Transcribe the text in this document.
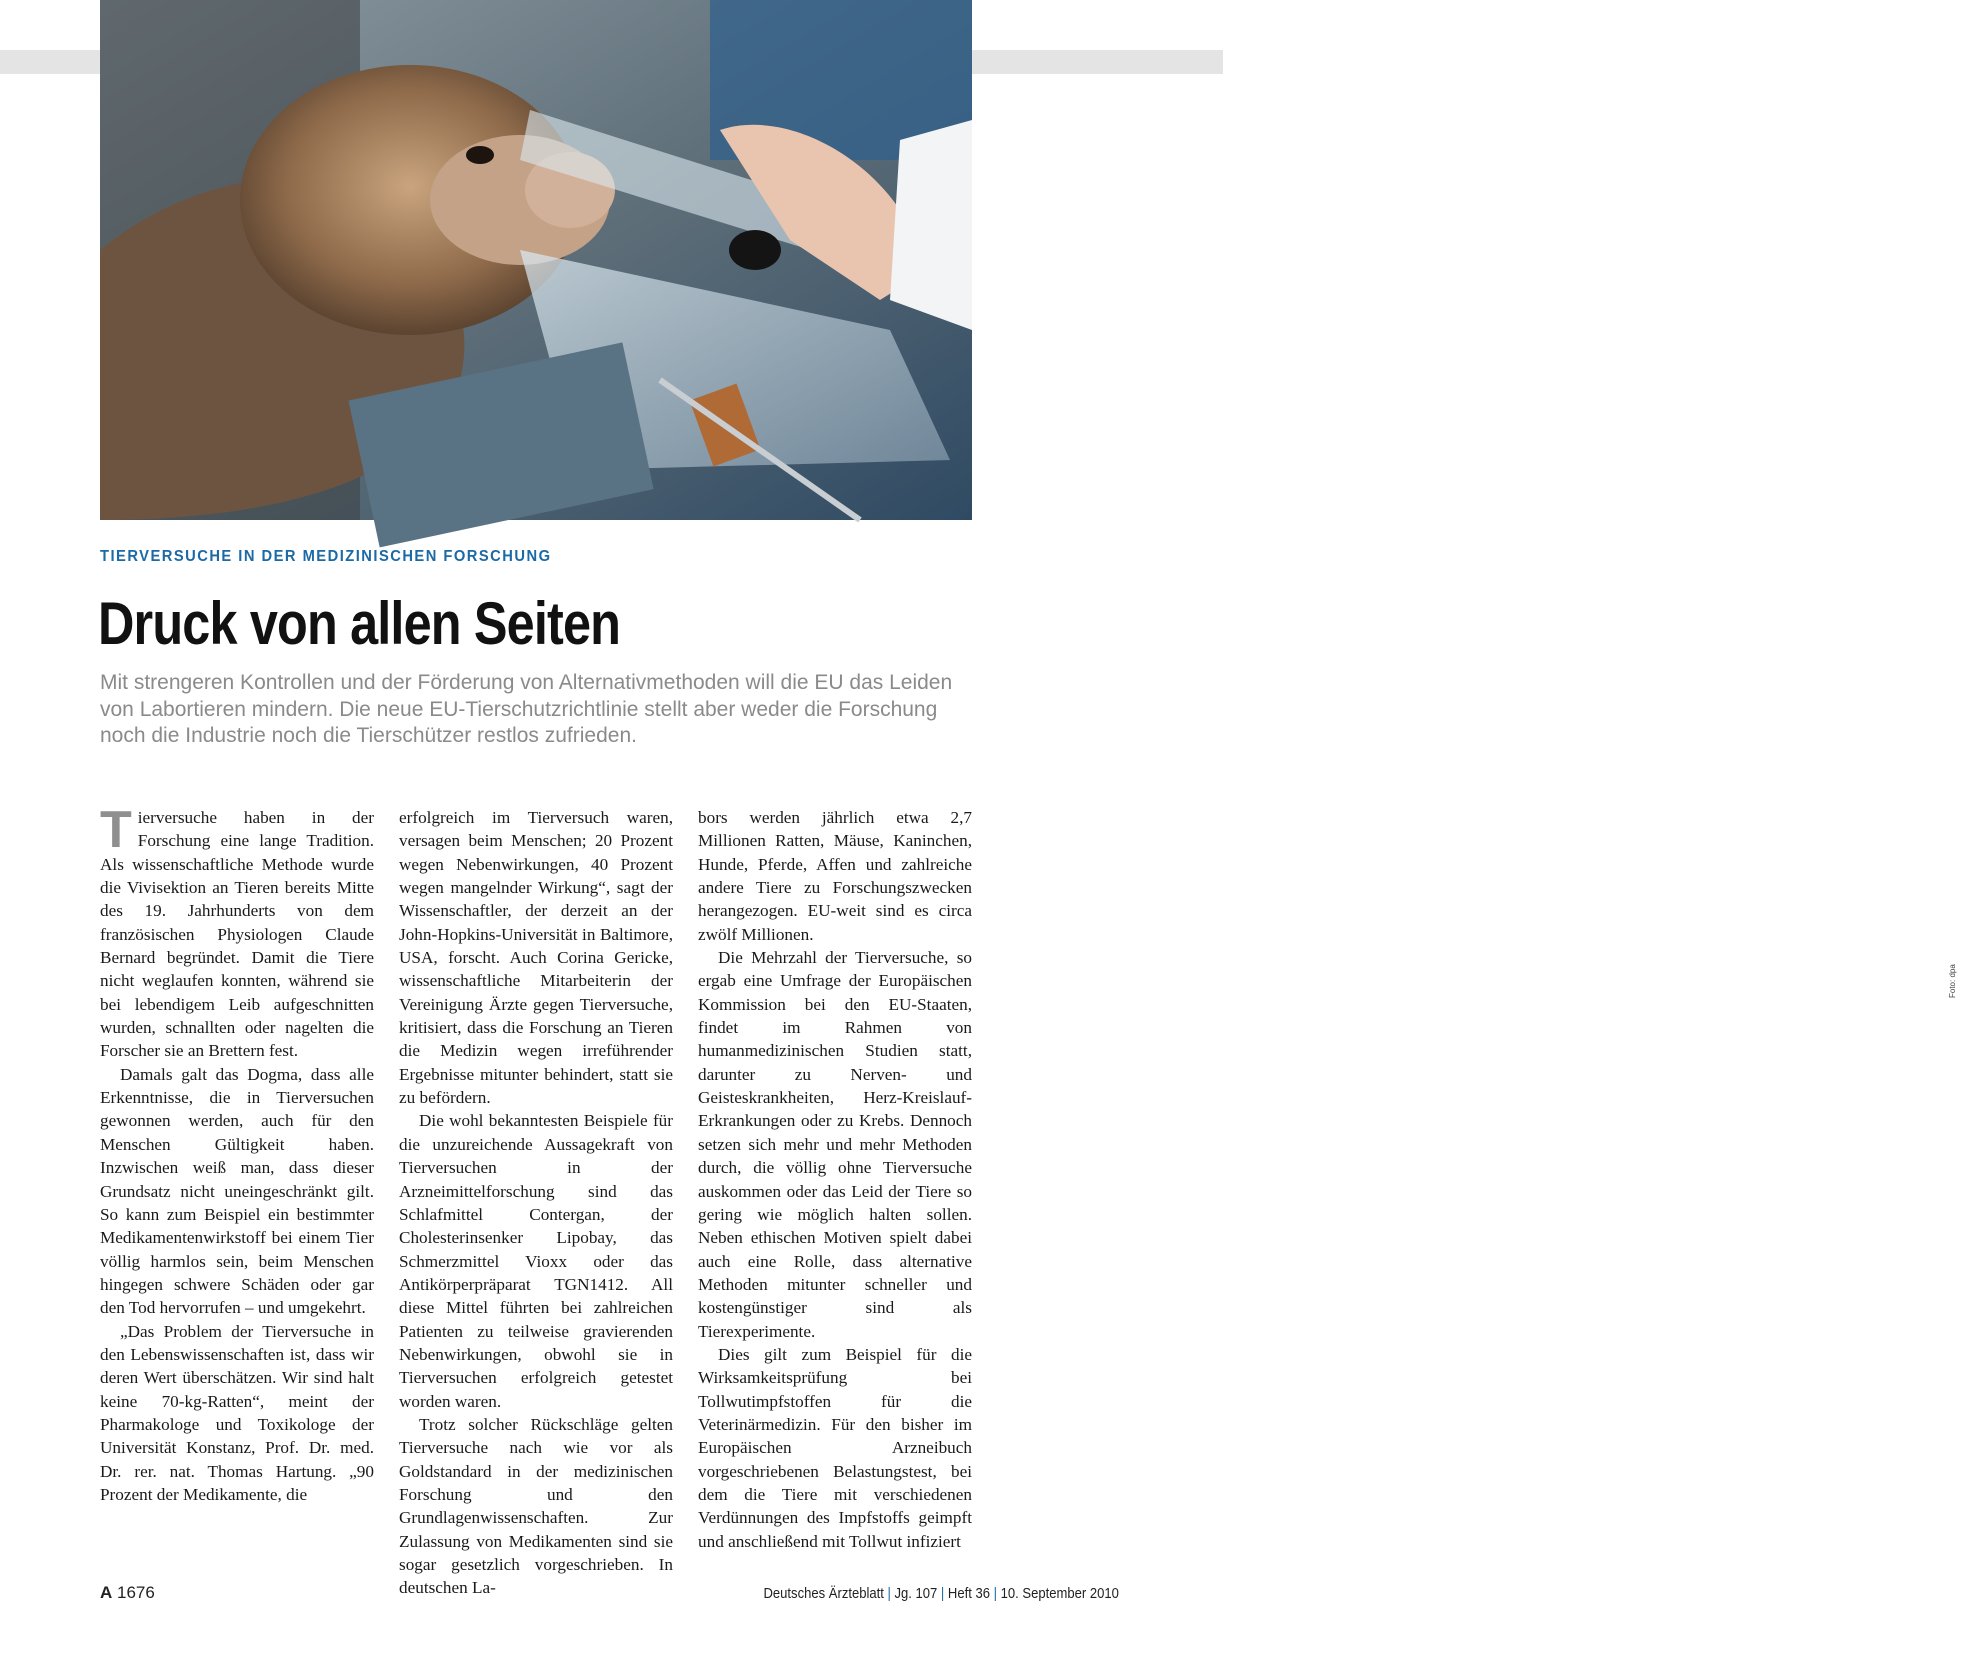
Foto: dpa
TIERVERSUCHE IN DER MEDIZINISCHEN FORSCHUNG
Druck von allen Seiten

Mit strengeren Kontrollen und der Förderung von Alternativmethoden will die EU das Leiden von Labortieren mindern. Die neue EU-Tierschutzrichtlinie stellt aber weder die Forschung noch die Industrie noch die Tierschützer restlos zufrieden.

Tierversuche haben in der Forschung eine lange Tradition. Als wissenschaftliche Methode wurde die Vivisektion an Tieren bereits Mitte des 19. Jahrhunderts von dem französischen Physiologen Claude Bernard begründet. Damit die Tiere nicht weglaufen konnten, während sie bei lebendigem Leib aufgeschnitten wurden, schnallten oder nagelten die Forscher sie an Brettern fest.

Damals galt das Dogma, dass alle Erkenntnisse, die in Tierversuchen gewonnen werden, auch für den Menschen Gültigkeit haben. Inzwischen weiß man, dass dieser Grundsatz nicht uneingeschränkt gilt. So kann zum Beispiel ein bestimmter Medikamentenwirkstoff bei einem Tier völlig harmlos sein, beim Menschen hingegen schwere Schäden oder gar den Tod hervorrufen – und umgekehrt.

„Das Problem der Tierversuche in den Lebenswissenschaften ist, dass wir deren Wert überschätzen. Wir sind halt keine 70-kg-Ratten“, meint der Pharmakologe und Toxikologe der Universität Konstanz, Prof. Dr. med. Dr. rer. nat. Thomas Hartung. „90 Prozent der Medikamente, die

erfolgreich im Tierversuch waren, versagen beim Menschen; 20 Prozent wegen Nebenwirkungen, 40 Prozent wegen mangelnder Wirkung“, sagt der Wissenschaftler, der derzeit an der John-Hopkins-Universität in Baltimore, USA, forscht. Auch Corina Gericke, wissenschaftliche Mitarbeiterin der Vereinigung Ärzte gegen Tierversuche, kritisiert, dass die Forschung an Tieren die Medizin wegen irreführender Ergebnisse mitunter behindert, statt sie zu befördern.

Die wohl bekanntesten Beispiele für die unzureichende Aussagekraft von Tierversuchen in der Arzneimittelforschung sind das Schlafmittel Contergan, der Cholesterinsenker Lipobay, das Schmerzmittel Vioxx oder das Antikörperpräparat TGN1412. All diese Mittel führten bei zahlreichen Patienten zu teilweise gravierenden Nebenwirkungen, obwohl sie in Tierversuchen erfolgreich getestet worden waren.

Trotz solcher Rückschläge gelten Tierversuche nach wie vor als Goldstandard in der medizinischen Forschung und den Grundlagenwissenschaften. Zur Zulassung von Medikamenten sind sie sogar gesetzlich vorgeschrieben. In deutschen La-

bors werden jährlich etwa 2,7 Millionen Ratten, Mäuse, Kaninchen, Hunde, Pferde, Affen und zahlreiche andere Tiere zu Forschungszwecken herangezogen. EU-weit sind es circa zwölf Millionen.

Die Mehrzahl der Tierversuche, so ergab eine Umfrage der Europäischen Kommission bei den EU-Staaten, findet im Rahmen von humanmedizinischen Studien statt, darunter zu Nerven- und Geisteskrankheiten, Herz-Kreislauf-Erkrankungen oder zu Krebs. Dennoch setzen sich mehr und mehr Methoden durch, die völlig ohne Tierversuche auskommen oder das Leid der Tiere so gering wie möglich halten sollen. Neben ethischen Motiven spielt dabei auch eine Rolle, dass alternative Methoden mitunter schneller und kostengünstiger sind als Tierexperimente.

Dies gilt zum Beispiel für die Wirksamkeitsprüfung bei Tollwutimpfstoffen für die Veterinärmedizin. Für den bisher im Europäischen Arzneibuch vorgeschriebenen Belastungstest, bei dem die Tiere mit verschiedenen Verdünnungen des Impfstoffs geimpft und anschließend mit Tollwut infiziert

A 1676	Deutsches Ärzteblatt | Jg. 107 | Heft 36 | 10. September 2010
